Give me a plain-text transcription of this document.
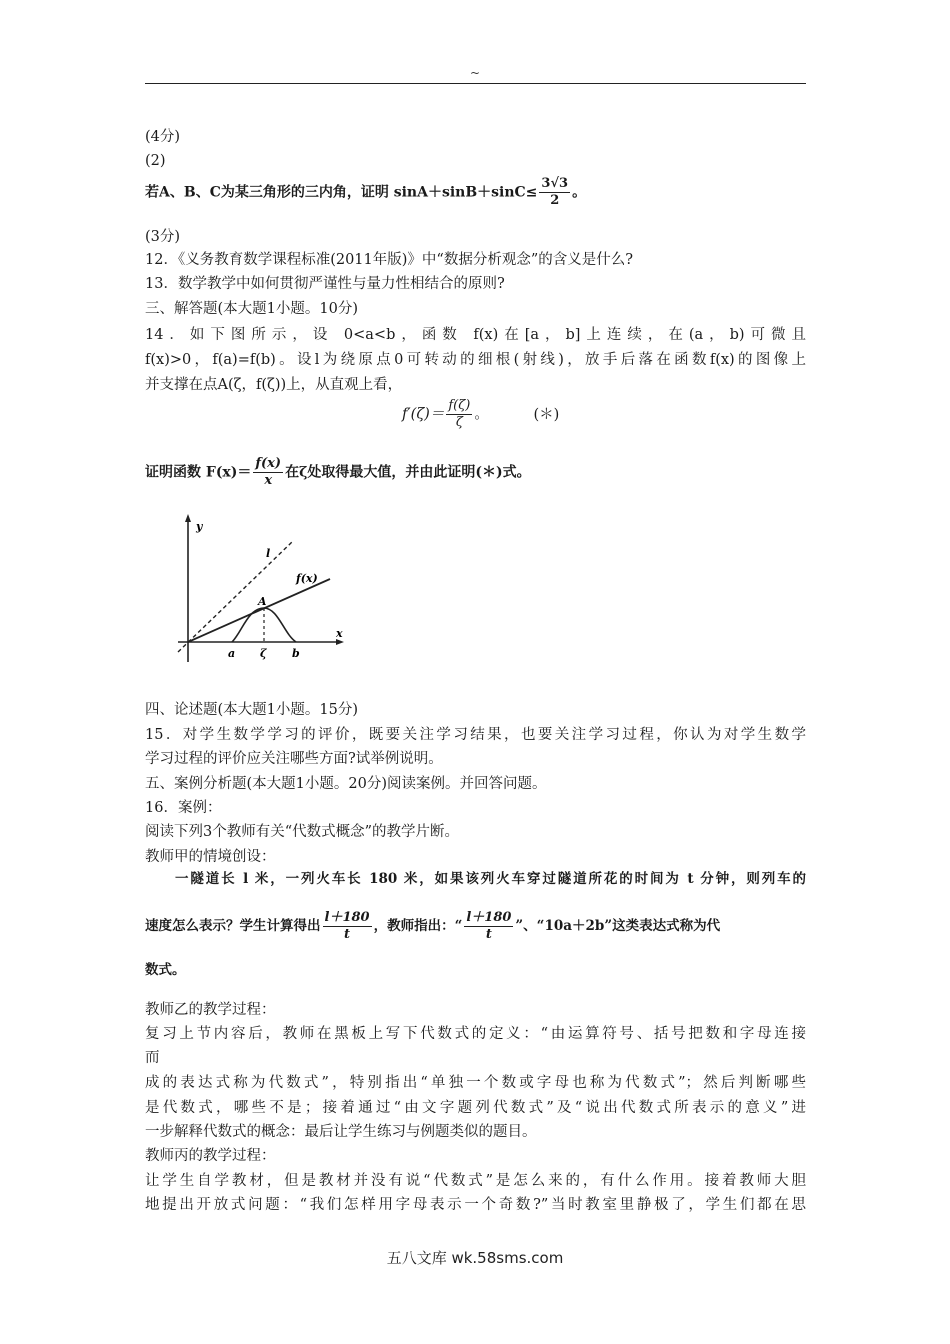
~
(4分)
(2)
若A、B、C为某三角形的三内角，证明 $\sin A+\sin B+\sin C\le \frac{3√3}{2}$ 。
(3分)
12．《义务教育数学课程标准(2011年版)》中“数据分析观念”的含义是什么?
13．数学教学中如何贯彻严谨性与量力性相结合的原则?
三、解答题(本大题1小题。10分)
14．如下图所示，设 0<a<b，函数 f(x)在[a，b]上连续，在(a，b)可微且
f(x)>0，f(a)=f(b)。设l为绕原点0可转动的细根(射线)，放手后落在函数f(x)的图像上
并支撑在点A(ζ，f(ζ))上，从直观上看，
$f'(\zeta)= \frac{f(\zeta)}{\zeta}$ 。	(＊)
证明函数 $F(x)= \frac{f(x)}{x}$ 在ζ处取得最大值，并由此证明(＊)式。
y
x
l
f(x)
A
a ζ b
四、论述题(本大题1小题。15分)
15．对学生数学学习的评价，既要关注学习结果，也要关注学习过程，你认为对学生数学
学习过程的评价应关注哪些方面?试举例说明。
五、案例分析题(本大题1小题。20分)阅读案例。并回答问题。
16．案例：
阅读下列3个教师有关“代数式概念”的教学片断。
教师甲的情境创设：
一隧道长 l 米，一列火车长 180 米，如果该列火车穿过隧道所花的时间为 t 分钟，则列车的
速度怎么表示？学生计算得出 $\frac{l+180}{t}$ ，教师指出：“ $\frac{l+180}{t}$ ”、“10a＋2b”这类表达式称为代
数式。
教师乙的教学过程：
复习上节内容后，教师在黑板上写下代数式的定义：“由运算符号、括号把数和字母连接
而
成的表达式称为代数式”，特别指出“单独一个数或字母也称为代数式”；然后判断哪些
是代数式，哪些不是；接着通过“由文字题列代数式”及“说出代数式所表示的意义”进
一步解释代数式的概念：最后让学生练习与例题类似的题目。
教师丙的教学过程：
让学生自学教材，但是教材并没有说“代数式”是怎么来的，有什么作用。接着教师大胆
地提出开放式问题：“我们怎样用字母表示一个奇数?”当时教室里静极了，学生们都在思
五八文库 wk.58sms.com
